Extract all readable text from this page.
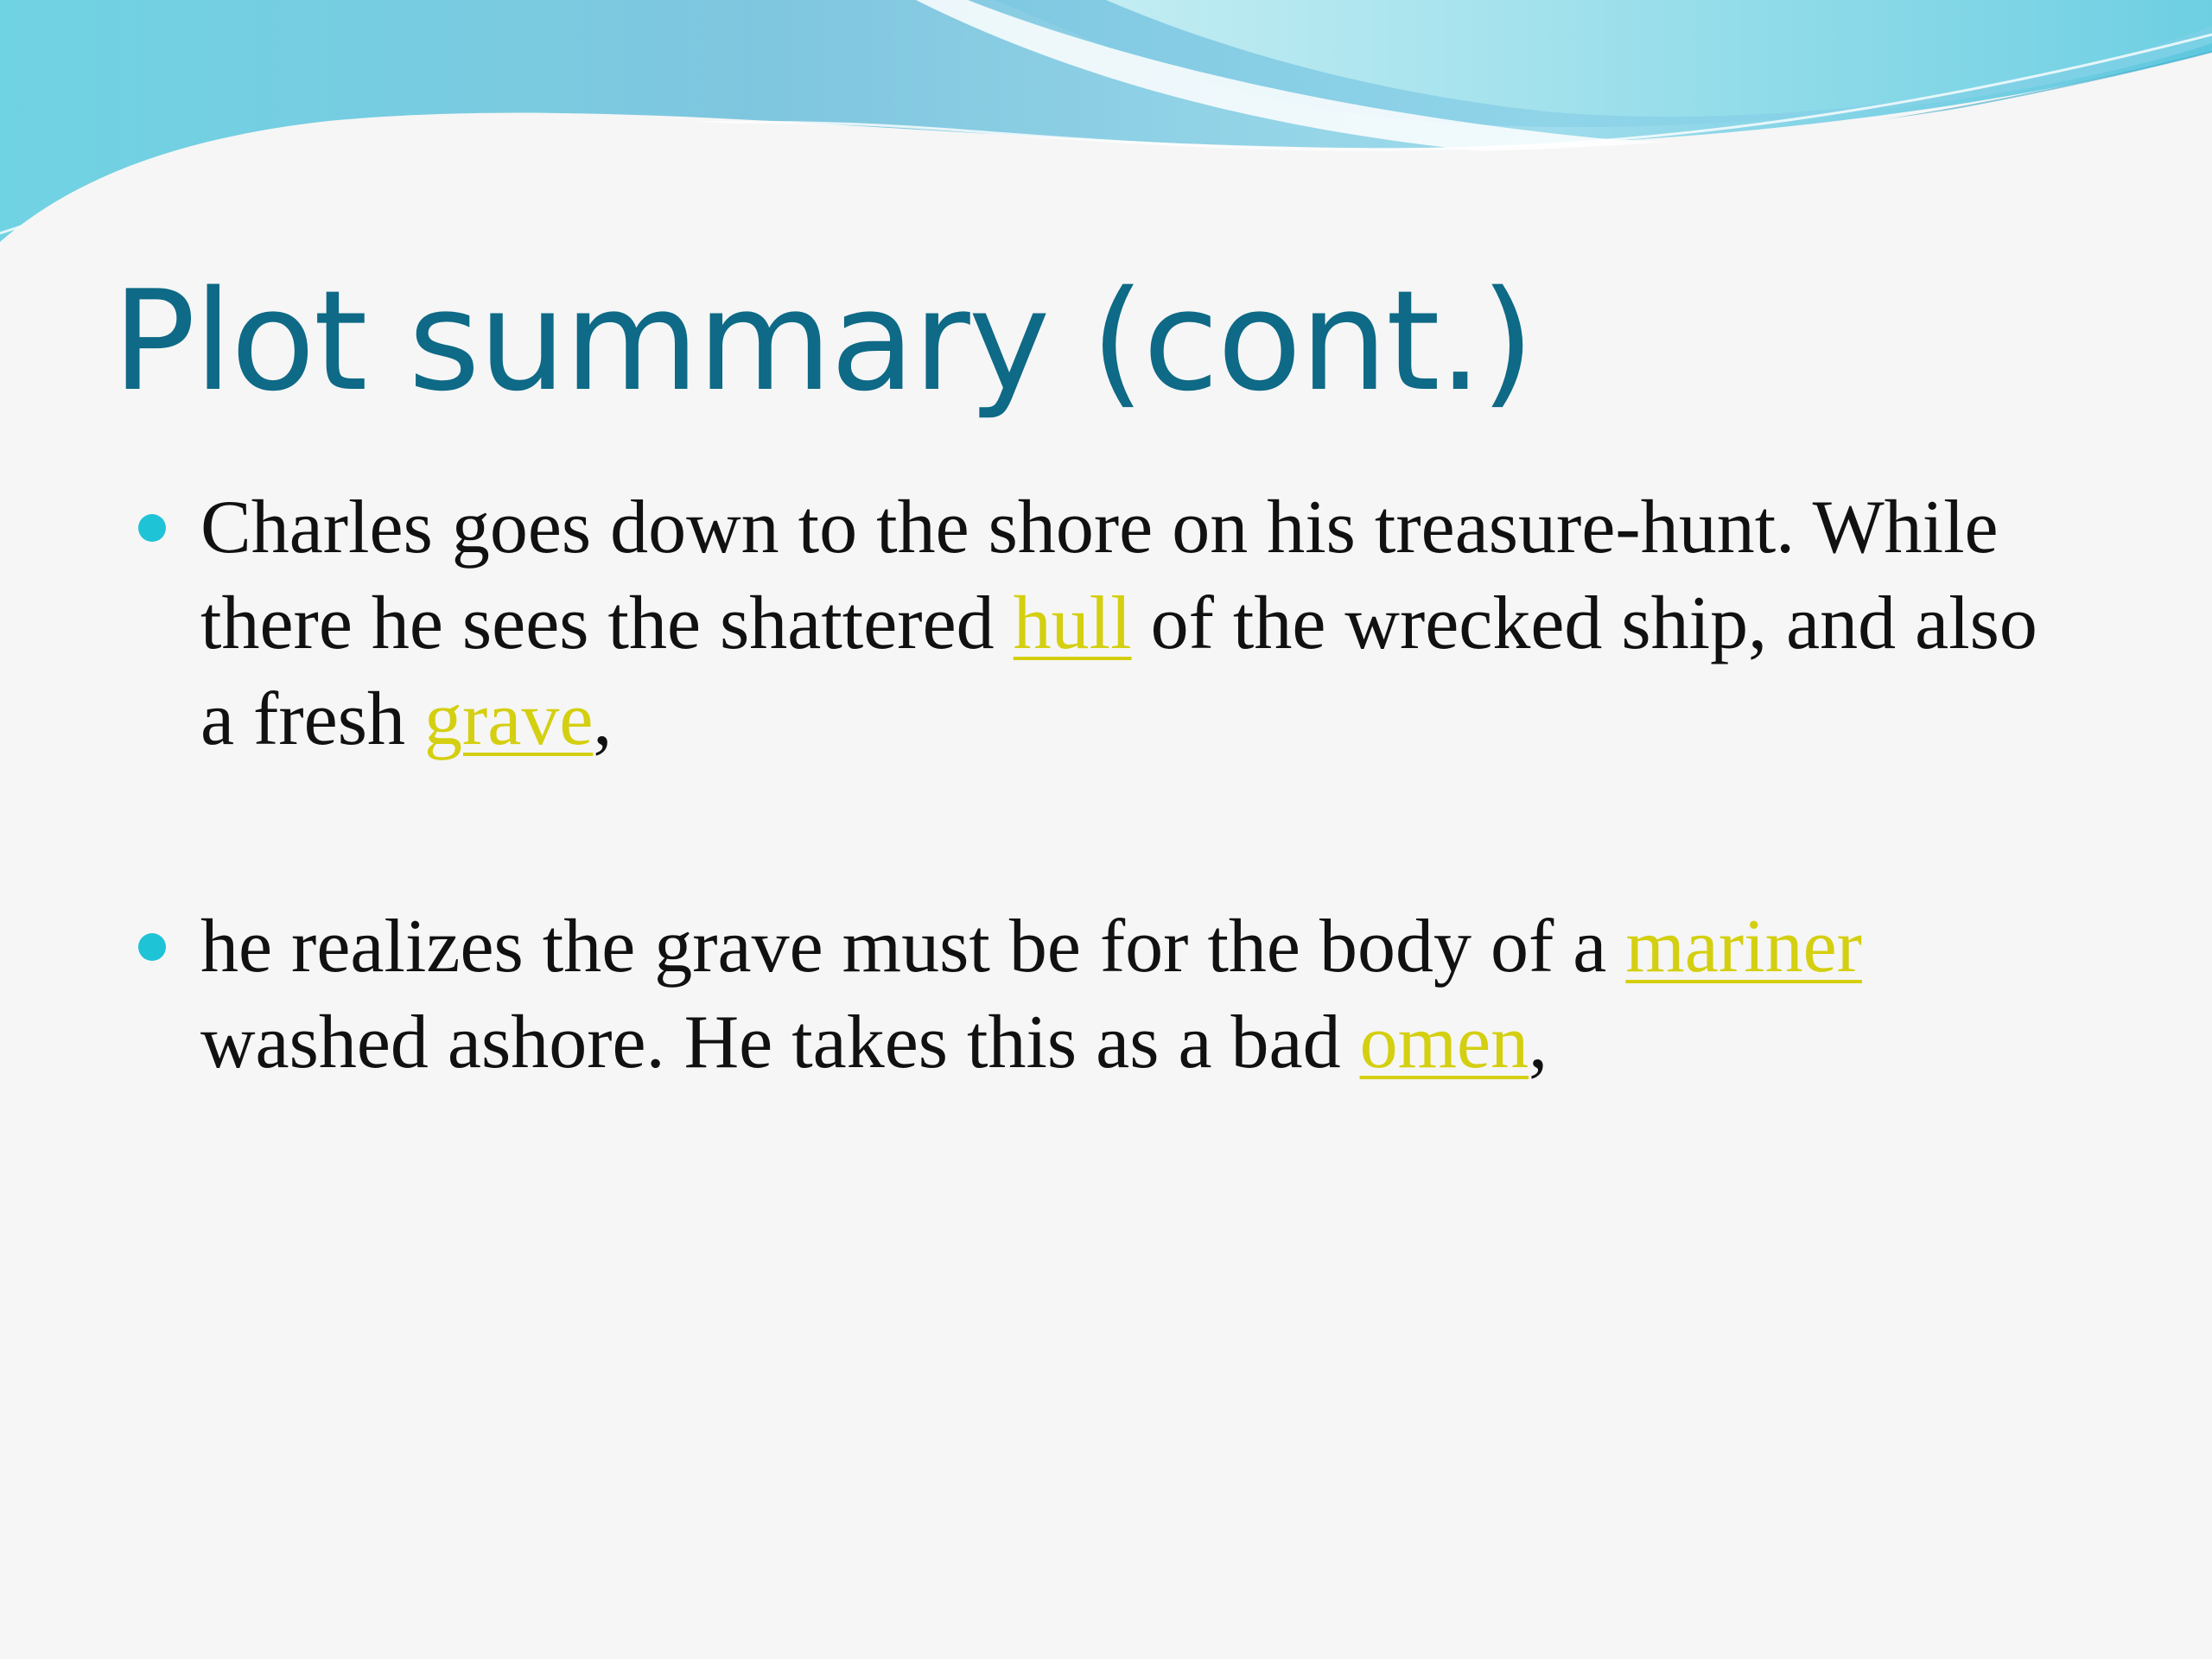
Plot summary (cont.)
Charles goes down to the shore on his treasure-hunt. While there he sees the shattered hull of the wrecked ship, and also a fresh grave,
he realizes the grave must be for the body of a mariner washed ashore. He takes this as a bad omen,
